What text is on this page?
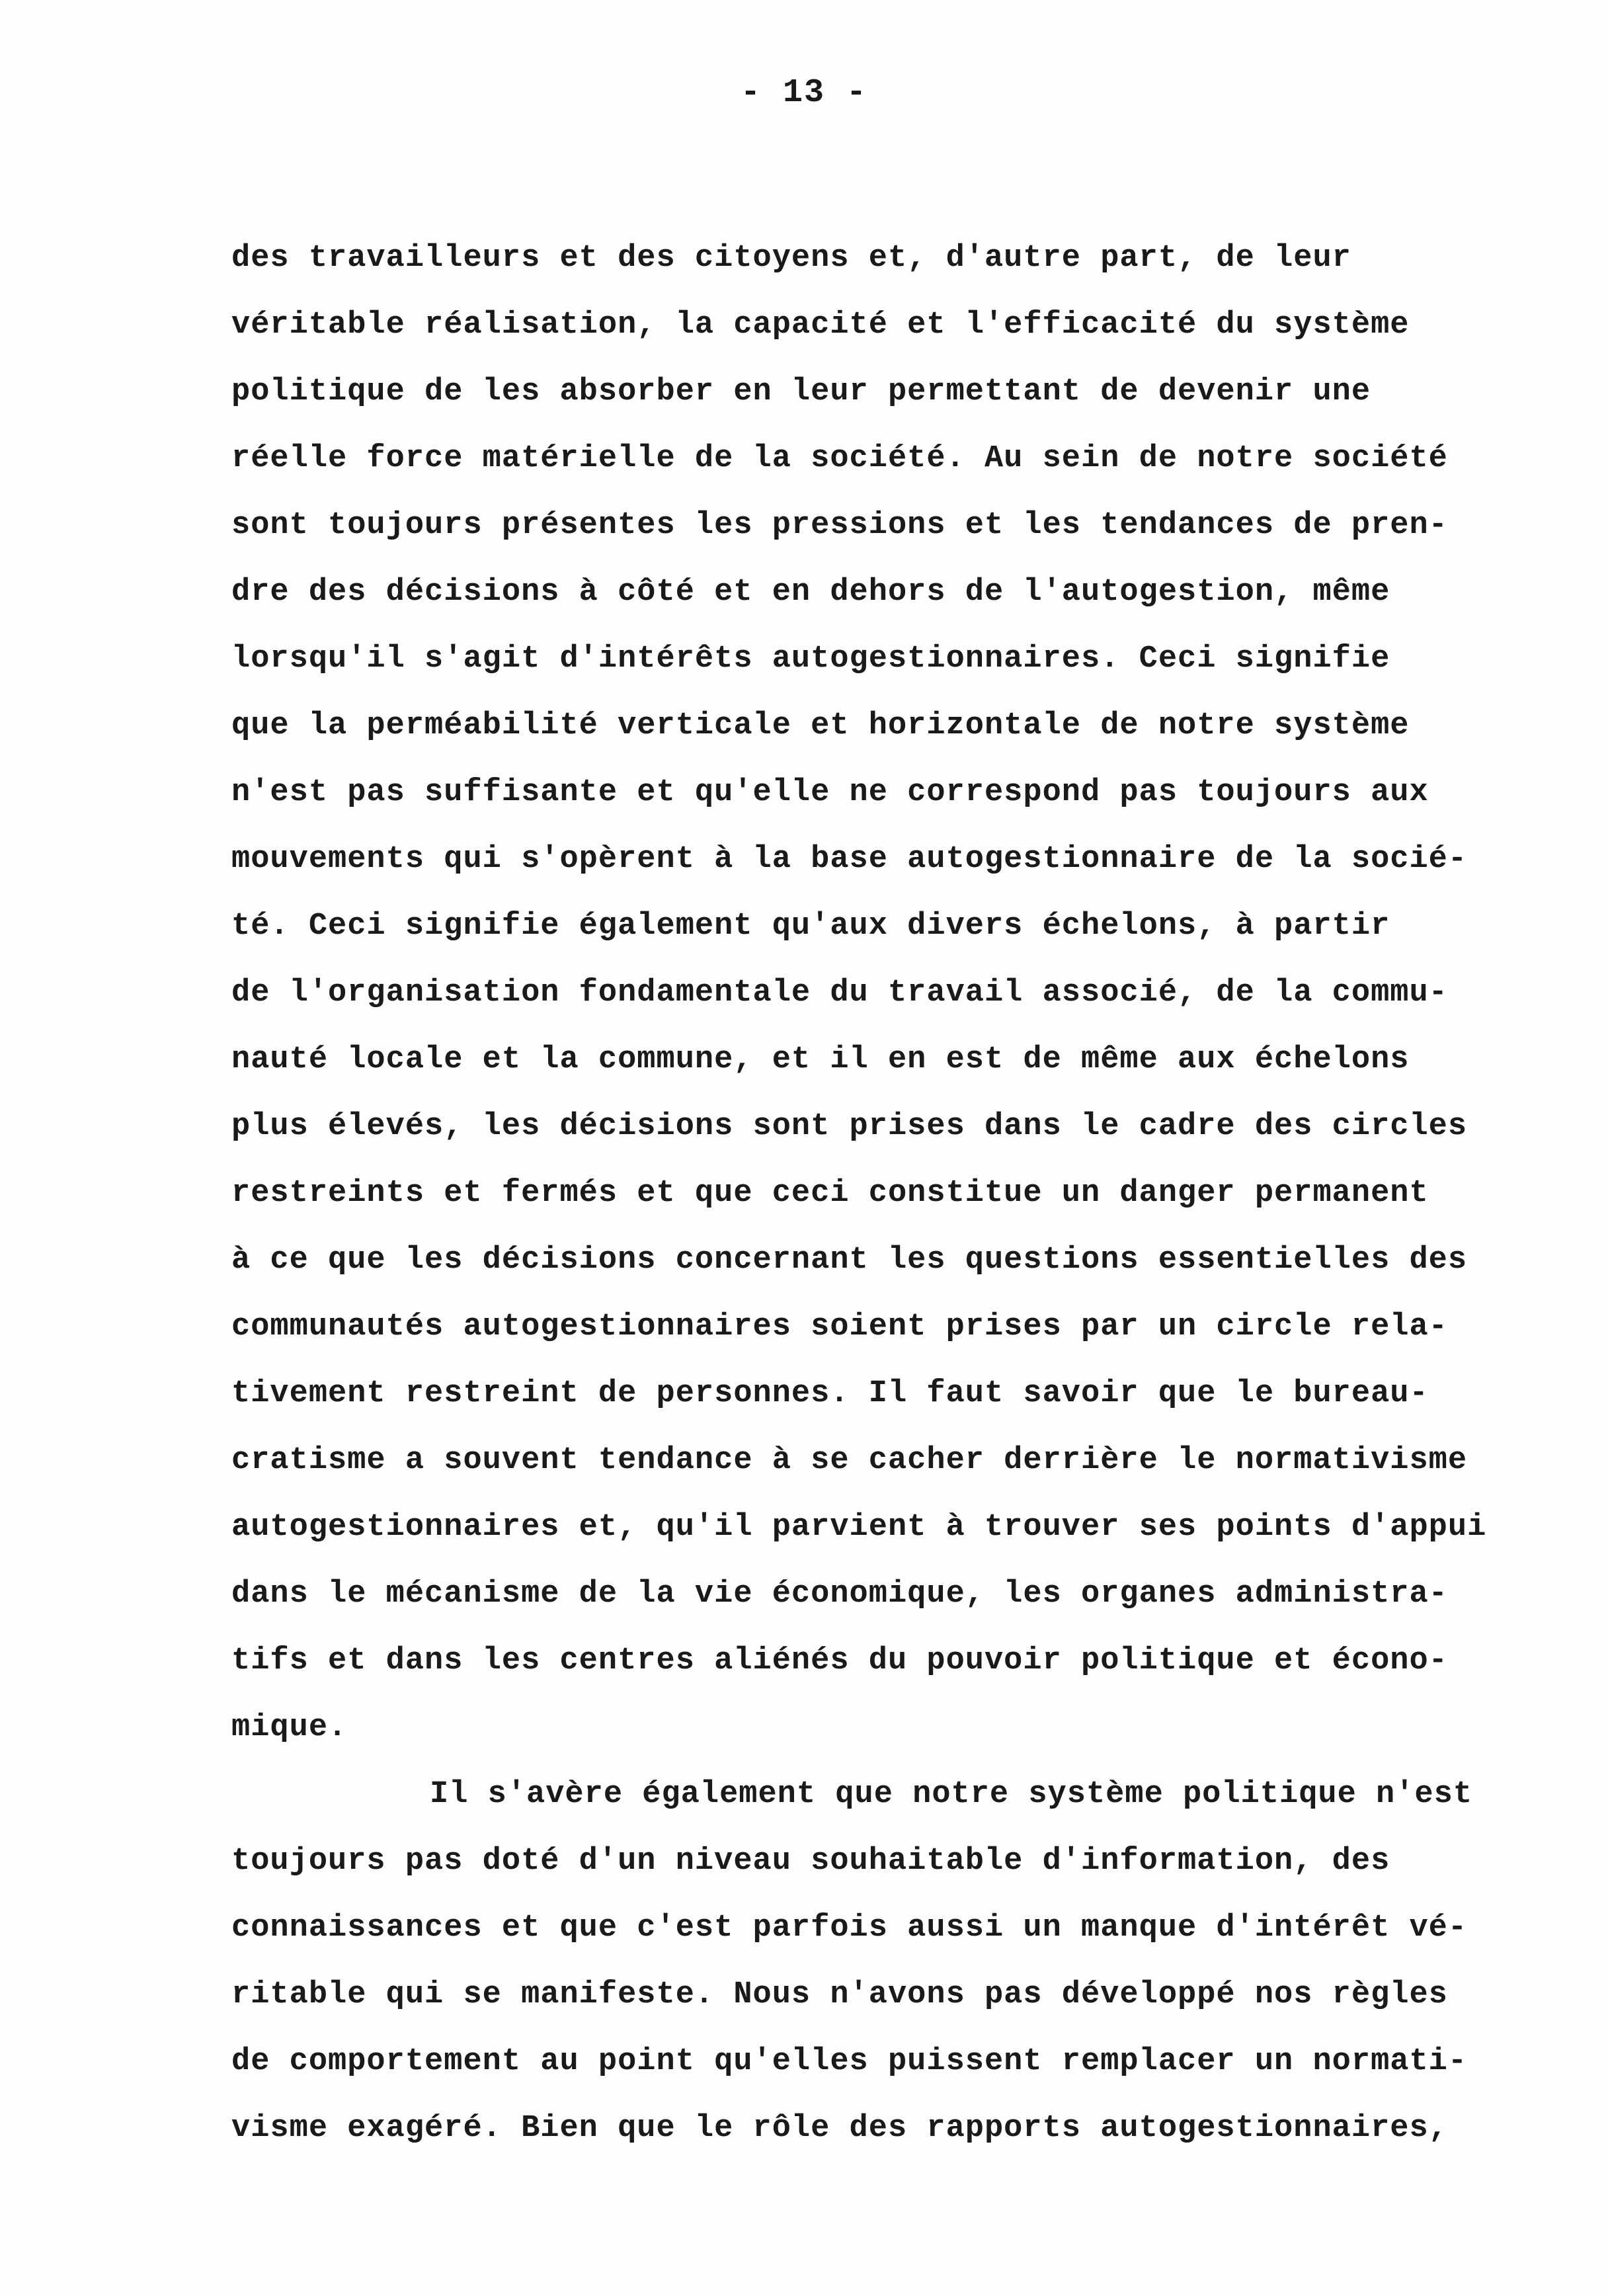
- 13 -
des travailleurs et des citoyens et, d'autre part, de leur
véritable réalisation, la capacité et l'efficacité du système
politique de les absorber en leur permettant de devenir une
réelle force matérielle de la société. Au sein de notre société
sont toujours présentes les pressions et les tendances de pren-
dre des décisions à côté et en dehors de l'autogestion, même
lorsqu'il s'agit d'intérêts autogestionnaires. Ceci signifie
que la perméabilité verticale et horizontale de notre système
n'est pas suffisante et qu'elle ne correspond pas toujours aux
mouvements qui s'opèrent à la base autogestionnaire de la socié-
té. Ceci signifie également qu'aux divers échelons, à partir
de l'organisation fondamentale du travail associé, de la commu-
nauté locale et la commune, et il en est de même aux échelons
plus élevés, les décisions sont prises dans le cadre des circles
restreints et fermés et que ceci constitue un danger permanent
à ce que les décisions concernant les questions essentielles des
communautés autogestionnaires soient prises par un circle rela-
tivement restreint de personnes. Il faut savoir que le bureau-
cratisme a souvent tendance à se cacher derrière le normativisme
autogestionnaires et, qu'il parvient à trouver ses points d'appui
dans le mécanisme de la vie économique, les organes administra-
tifs et dans les centres aliénés du pouvoir politique et écono-
mique.
Il s'avère également que notre système politique n'est
toujours pas doté d'un niveau souhaitable d'information, des
connaissances et que c'est parfois aussi un manque d'intérêt vé-
ritable qui se manifeste. Nous n'avons pas développé nos règles
de comportement au point qu'elles puissent remplacer un normati-
visme exagéré. Bien que le rôle des rapports autogestionnaires,
